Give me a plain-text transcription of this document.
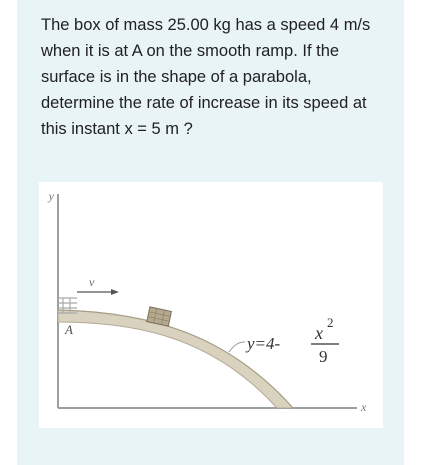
The box of mass 25.00 kg has a speed 4 m/s when it is at A on the smooth ramp. If the surface is in the shape of a parabola, determine the rate of increase in its speed at this instant x = 5 m ?

y
x
A
v
y=4-
x
2
9
